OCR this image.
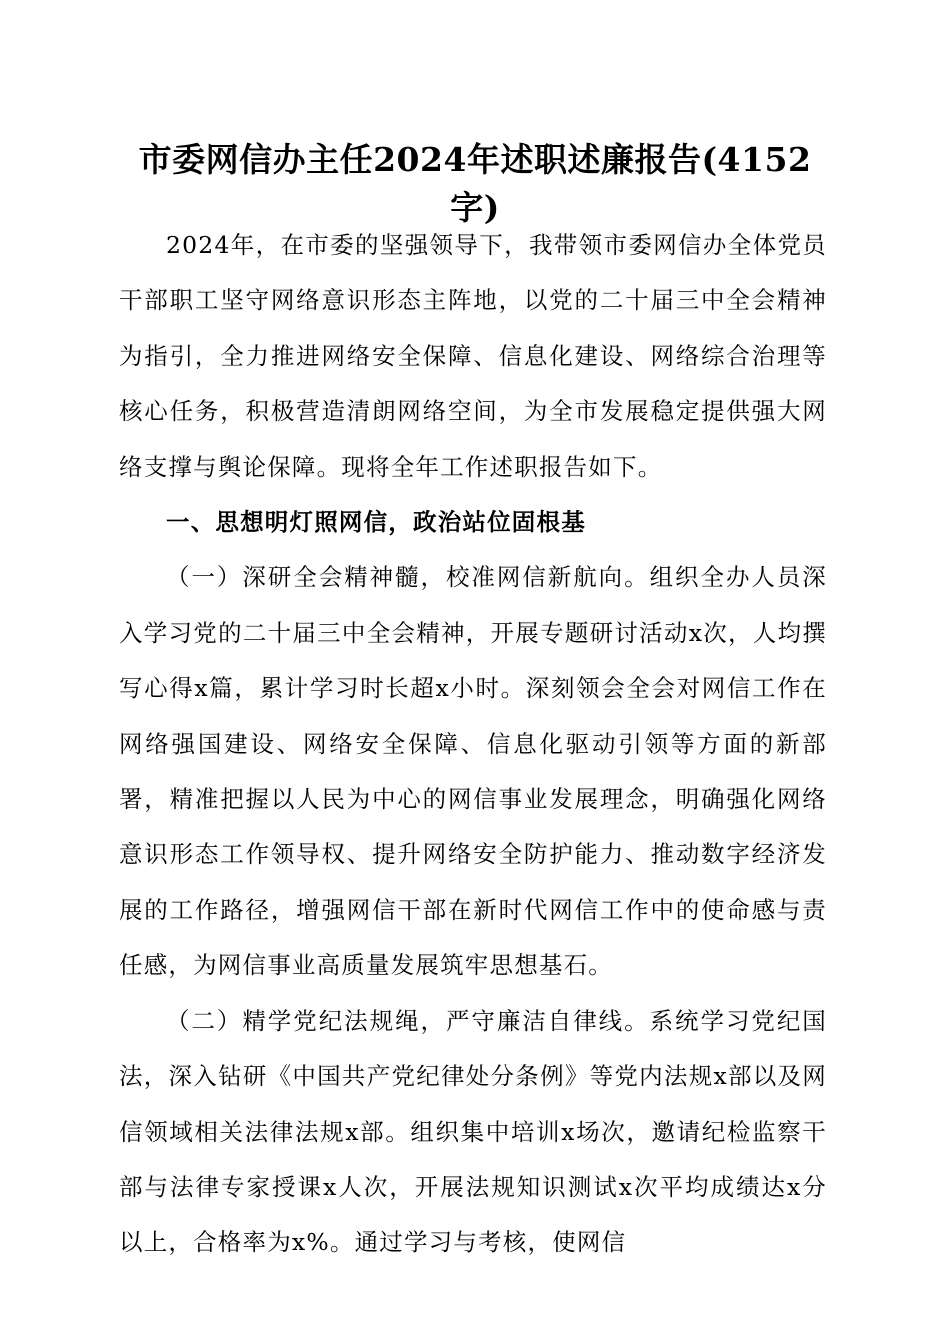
市委网信办主任2024年述职述廉报告(4152字)

2024年，在市委的坚强领导下，我带领市委网信办全体党员干部职工坚守网络意识形态主阵地，以党的二十届三中全会精神为指引，全力推进网络安全保障、信息化建设、网络综合治理等核心任务，积极营造清朗网络空间，为全市发展稳定提供强大网络支撑与舆论保障。现将全年工作述职报告如下。

一、思想明灯照网信，政治站位固根基

（一）深研全会精神髓，校准网信新航向。组织全办人员深入学习党的二十届三中全会精神，开展专题研讨活动x次，人均撰写心得x篇，累计学习时长超x小时。深刻领会全会对网信工作在网络强国建设、网络安全保障、信息化驱动引领等方面的新部署，精准把握以人民为中心的网信事业发展理念，明确强化网络意识形态工作领导权、提升网络安全防护能力、推动数字经济发展的工作路径，增强网信干部在新时代网信工作中的使命感与责任感，为网信事业高质量发展筑牢思想基石。

（二）精学党纪法规绳，严守廉洁自律线。系统学习党纪国法，深入钻研《中国共产党纪律处分条例》等党内法规x部以及网信领域相关法律法规x部。组织集中培训x场次，邀请纪检监察干部与法律专家授课x人次，开展法规知识测试x次平均成绩达x分以上，合格率为x%。通过学习与考核，使网信
